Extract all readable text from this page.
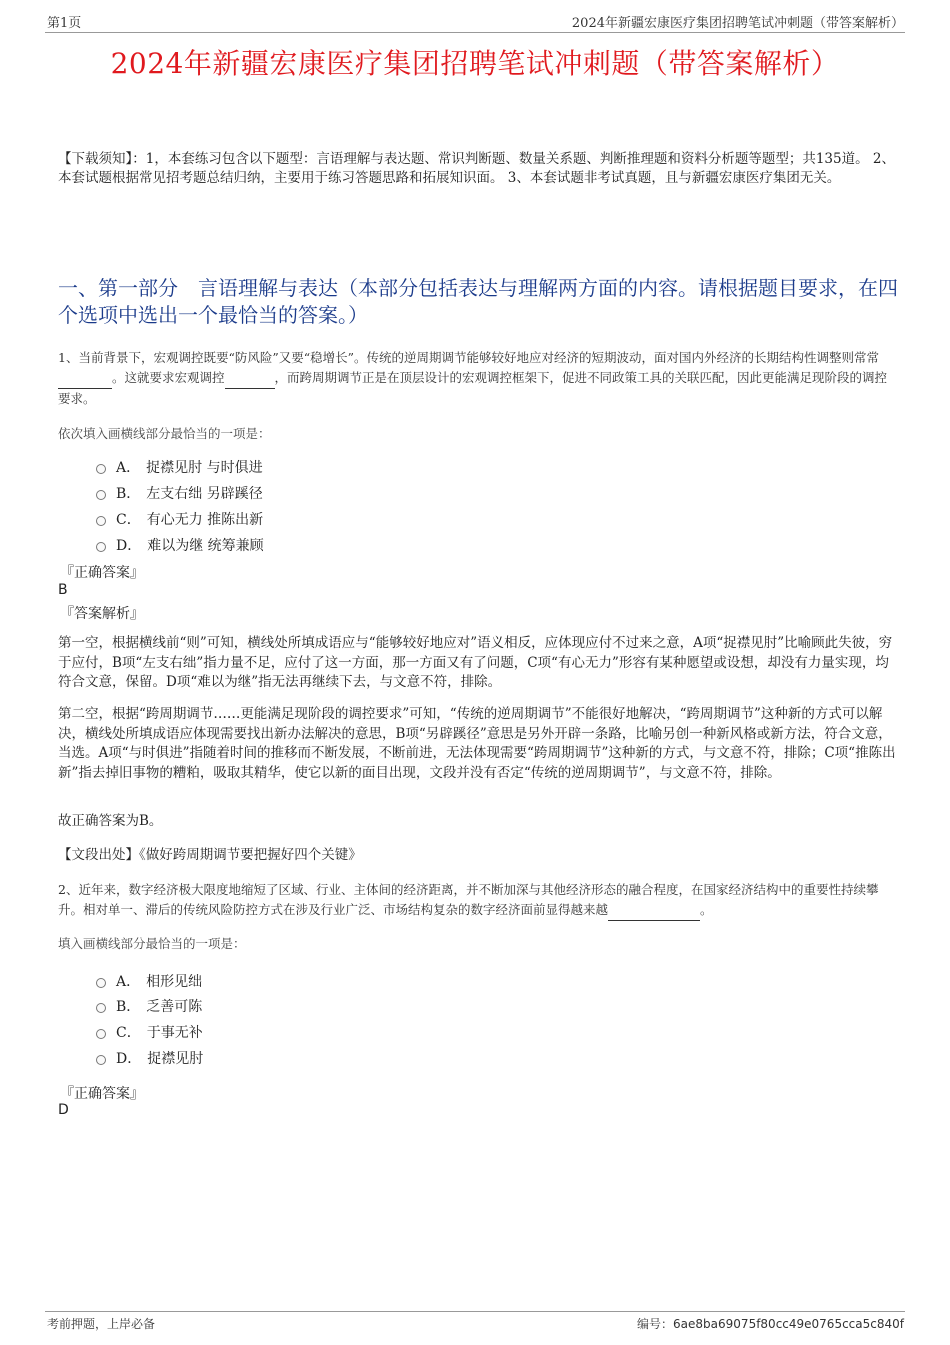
第1页	2024年新疆宏康医疗集团招聘笔试冲刺题（带答案解析）
2024年新疆宏康医疗集团招聘笔试冲刺题（带答案解析）
【下载须知】：1，本套练习包含以下题型：言语理解与表达题、常识判断题、数量关系题、判断推理题和资料分析题等题型；共135道。 2、本套试题根据常见招考题总结归纳，主要用于练习答题思路和拓展知识面。 3、本套试题非考试真题，且与新疆宏康医疗集团无关。
一、第一部分　言语理解与表达（本部分包括表达与理解两方面的内容。请根据题目要求，在四个选项中选出一个最恰当的答案。）
1、当前背景下，宏观调控既要“防风险”又要“稳增长”。传统的逆周期调节能够较好地应对经济的短期波动，面对国内外经济的长期结构性调整则常常 。这就要求宏观调控	，而跨周期调节正是在顶层设计的宏观调控框架下，促进不同政策工具的关联匹配，因此更能满足现阶段的调控要求。
依次填入画横线部分最恰当的一项是：
A． 捉襟见肘 与时俱进
B． 左支右绌 另辟蹊径
C． 有心无力 推陈出新
D． 难以为继 统筹兼顾
『正确答案』
B
『答案解析』
第一空，根据横线前“则”可知，横线处所填成语应与“能够较好地应对”语义相反，应体现应付不过来之意，A项“捉襟见肘”比喻顾此失彼，穷于应付，B项“左支右绌”指力量不足，应付了这一方面，那一方面又有了问题，C项“有心无力”形容有某种愿望或设想，却没有力量实现，均符合文意，保留。D项“难以为继”指无法再继续下去，与文意不符，排除。
第二空，根据“跨周期调节……更能满足现阶段的调控要求”可知，“传统的逆周期调节”不能很好地解决，“跨周期调节”这种新的方式可以解决，横线处所填成语应体现需要找出新办法解决的意思，B项“另辟蹊径”意思是另外开辟一条路，比喻另创一种新风格或新方法，符合文意，当选。A项“与时俱进”指随着时间的推移而不断发展，不断前进，无法体现需要“跨周期调节”这种新的方式，与文意不符，排除；C项“推陈出新”指去掉旧事物的糟粕，吸取其精华，使它以新的面目出现，文段并没有否定“传统的逆周期调节”，与文意不符，排除。
故正确答案为B。
【文段出处】《做好跨周期调节要把握好四个关键》
2、近年来，数字经济极大限度地缩短了区域、行业、主体间的经济距离，并不断加深与其他经济形态的融合程度，在国家经济结构中的重要性持续攀升。相对单一、滞后的传统风险防控方式在涉及行业广泛、市场结构复杂的数字经济面前显得越来越	。
填入画横线部分最恰当的一项是：
A． 相形见绌
B． 乏善可陈
C． 于事无补
D． 捉襟见肘
『正确答案』
D
考前押题，上岸必备	编号：6ae8ba69075f80cc49e0765cca5c840f
